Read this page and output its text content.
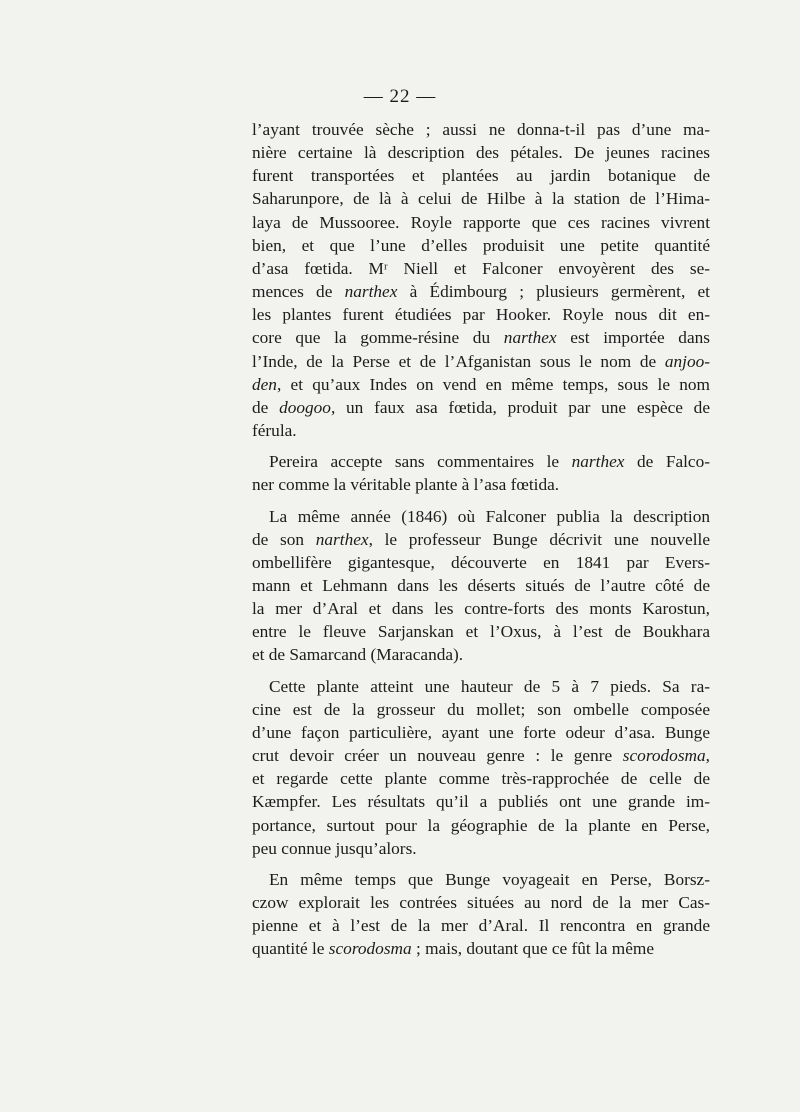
— 22 —

l’ayant trouvée sèche ; aussi ne donna-t-il pas d’une ma-

nière certaine là description des pétales. De jeunes racines

furent transportées et plantées au jardin botanique de

Saharunpore, de là à celui de Hilbe à la station de l’Hima-

laya de Mussooree. Royle rapporte que ces racines vivrent

bien, et que l’une d’elles produisit une petite quantité

d’asa fœtida. Mʳ Niell et Falconer envoyèrent des se-

mences de narthex à Édimbourg ; plusieurs germèrent, et

les plantes furent étudiées par Hooker. Royle nous dit en-

core que la gomme-résine du narthex est importée dans

l’Inde, de la Perse et de l’Afganistan sous le nom de anjoo-

den, et qu’aux Indes on vend en même temps, sous le nom

de doogoo, un faux asa fœtida, produit par une espèce de

férula.

Pereira accepte sans commentaires le narthex de Falco-

ner comme la véritable plante à l’asa fœtida.

La même année (1846) où Falconer publia la description

de son narthex, le professeur Bunge décrivit une nouvelle

ombellifère gigantesque, découverte en 1841 par Evers-

mann et Lehmann dans les déserts situés de l’autre côté de

la mer d’Aral et dans les contre-forts des monts Karostun,

entre le fleuve Sarjanskan et l’Oxus, à l’est de Boukhara

et de Samarcand (Maracanda).

Cette plante atteint une hauteur de 5 à 7 pieds. Sa ra-

cine est de la grosseur du mollet; son ombelle composée

d’une façon particulière, ayant une forte odeur d’asa. Bunge

crut devoir créer un nouveau genre : le genre scorodosma,

et regarde cette plante comme très-rapprochée de celle de

Kæmpfer. Les résultats qu’il a publiés ont une grande im-

portance, surtout pour la géographie de la plante en Perse,

peu connue jusqu’alors.

En même temps que Bunge voyageait en Perse, Borsz-

czow explorait les contrées situées au nord de la mer Cas-

pienne et à l’est de la mer d’Aral. Il rencontra en grande

quantité le scorodosma ; mais, doutant que ce fût la même
